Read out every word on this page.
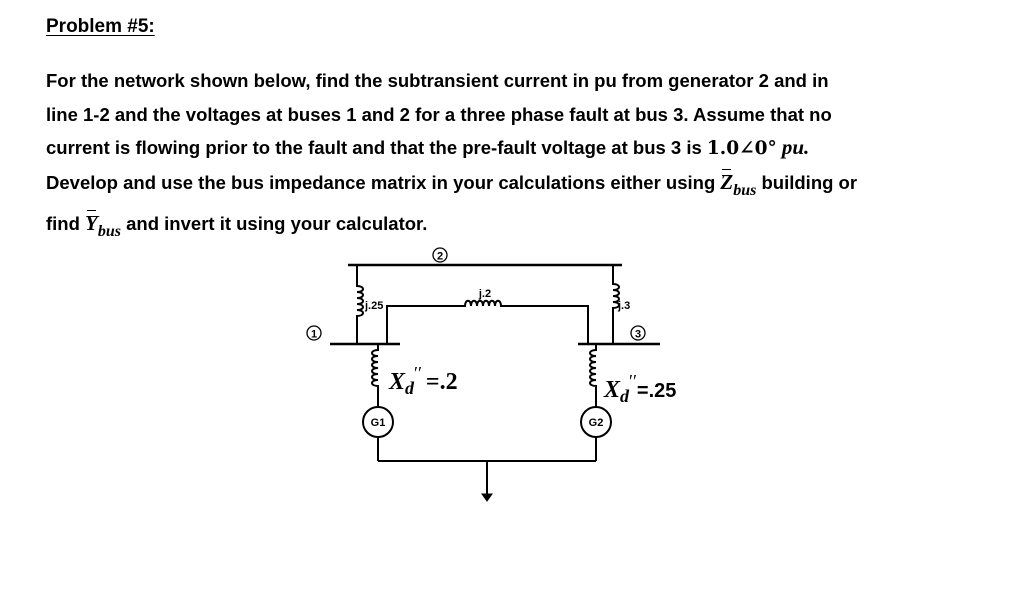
Problem #5:
For the network shown below, find the subtransient current in pu from generator 2 and in
line 1-2 and the voltages at buses 1 and 2 for a three phase fault at bus 3. Assume that no
current is flowing prior to the fault and that the pre-fault voltage at bus 3 is 1.0∠0° pu.
Develop and use the bus impedance matrix in your calculations either using Zbus building or
find Ybus and invert it using your calculator.
2
j.25	j.3
j.2
1	3
G1	G2
Xd′′ =.2	Xd′′=.25
